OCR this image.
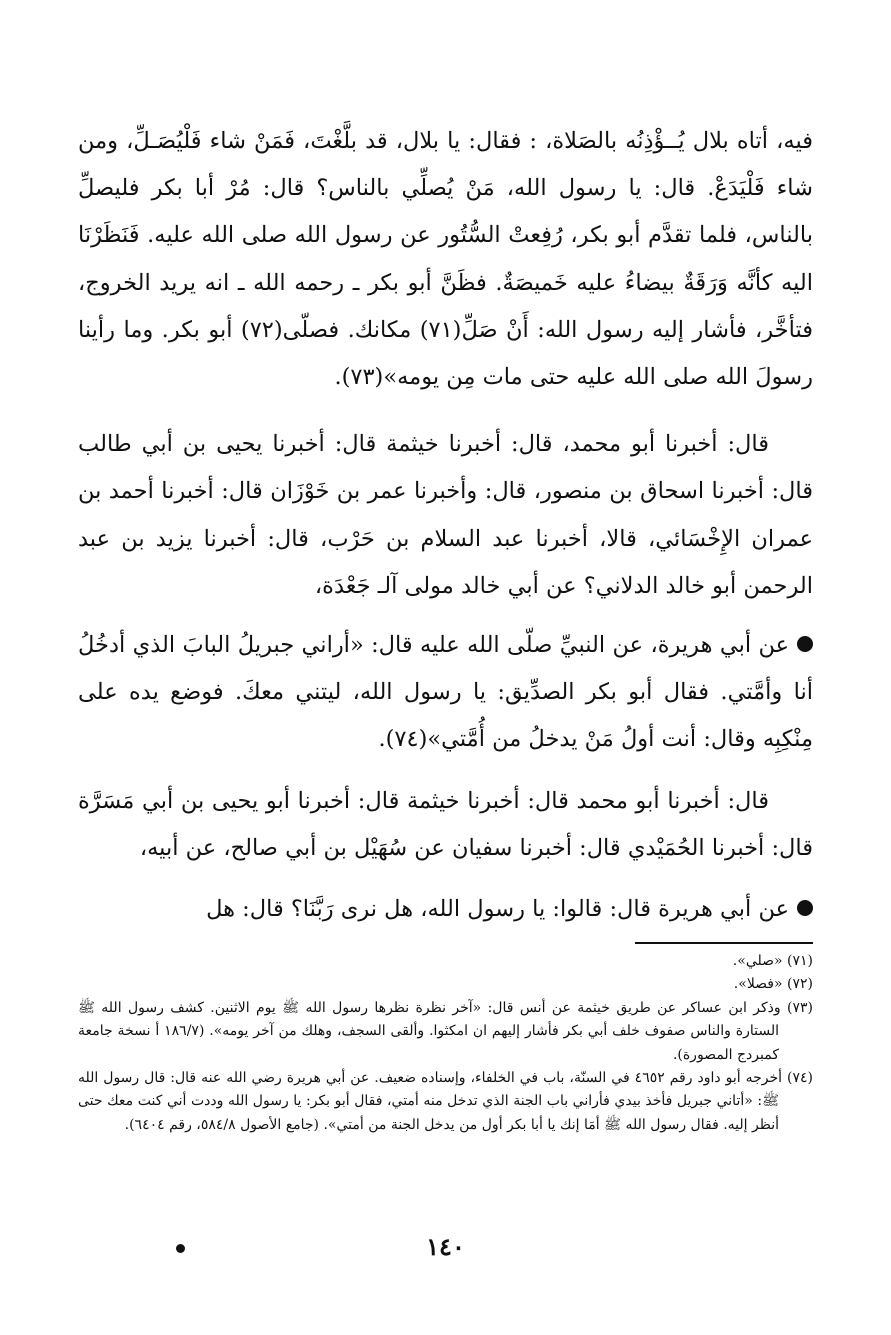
فيه، أتاه بلال يُــؤْذِنُه بالصَلاة، : فقال: يا بلال، قد بلَّغْتَ، فَمَنْ شاء فَلْيُصَـلِّ، ومن شاء فَلْيَدَعْ. قال: يا رسول الله، مَنْ يُصلِّي بالناس؟ قال: مُرْ أبا بكر فليصلِّ بالناس، فلما تقدَّم أبو بكر، رُفِعتْ السُّتُور عن رسول الله صلى الله عليه. فَنَظَرْنَا اليه كأنَّه وَرَقَةٌ بيضاءُ عليه خَميصَةٌ. فظَنَّ أبو بكر ـ رحمه الله ـ انه يريد الخروج، فتأخَّر، فأشار إليه رسول الله: أَنْ صَلِّ(٧١) مكانك. فصلّى(٧٢) أبو بكر. وما رأينا رسولَ الله صلى الله عليه حتى مات مِن يومه»(٧٣).

قال: أخبرنا أبو محمد، قال: أخبرنا خيثمة قال: أخبرنا يحيى بن أبي طالب قال: أخبرنا اسحاق بن منصور، قال: وأخبرنا عمر بن خَوْزَان قال: أخبرنا أحمد بن عمران الإِخْسَائي، قالا، أخبرنا عبد السلام بن حَرْب، قال: أخبرنا يزيد بن عبد الرحمن أبو خالد الدلاني؟ عن أبي خالد مولى آلـ جَعْدَة،

عن أبي هريرة، عن النبيِّ صلّى الله عليه قال: «أراني جبريلُ البابَ الذي أدخُلُ أنا وأمَّتي. فقال أبو بكر الصدِّيق: يا رسول الله، ليتني معكَ. فوضع يده على مِنْكِبِه وقال: أنت أولُ مَنْ يدخلُ من أُمَّتي»(٧٤).

قال: أخبرنا أبو محمد قال: أخبرنا خيثمة قال: أخبرنا أبو يحيى بن أبي مَسَرَّة قال: أخبرنا الحُمَيْدي قال: أخبرنا سفيان عن سُهَيْل بن أبي صالح، عن أبيه،

عن أبي هريرة قال: قالوا: يا رسول الله، هل نرى رَبَّنَا؟ قال: هل

(٧١) «صلي».

(٧٢) «فصلا».

(٧٣) وذكر ابن عساكر عن طريق خيثمة عن أنس قال: «آخر نظرة نظرها رسول الله ﷺ يوم الاثنين. كشف رسول الله ﷺ الستارة والناس صفوف خلف أبي بكر فأشار إليهم ان امكثوا. وألقى السجف، وهلك من آخر يومه». (١٨٦/٧ أ نسخة جامعة كمبردج المصورة).

(٧٤) أخرجه أبو داود رقم ٤٦٥٢ في السنّة، باب في الخلفاء، وإسناده ضعيف. عن أبي هريرة رضي الله عنه قال: قال رسول الله ﷺ: «أتاني جبريل فأخذ بيدي فأراني باب الجنة الذي تدخل منه أمتي، فقال أبو بكر: يا رسول الله وددت أني كنت معك حتى أنظر إليه. فقال رسول الله ﷺ أمَا إنك يا أبا بكر أول من يدخل الجنة من أمتي». (جامع الأصول ٥٨٤/٨، رقم ٦٤٠٤).

١٤٠
